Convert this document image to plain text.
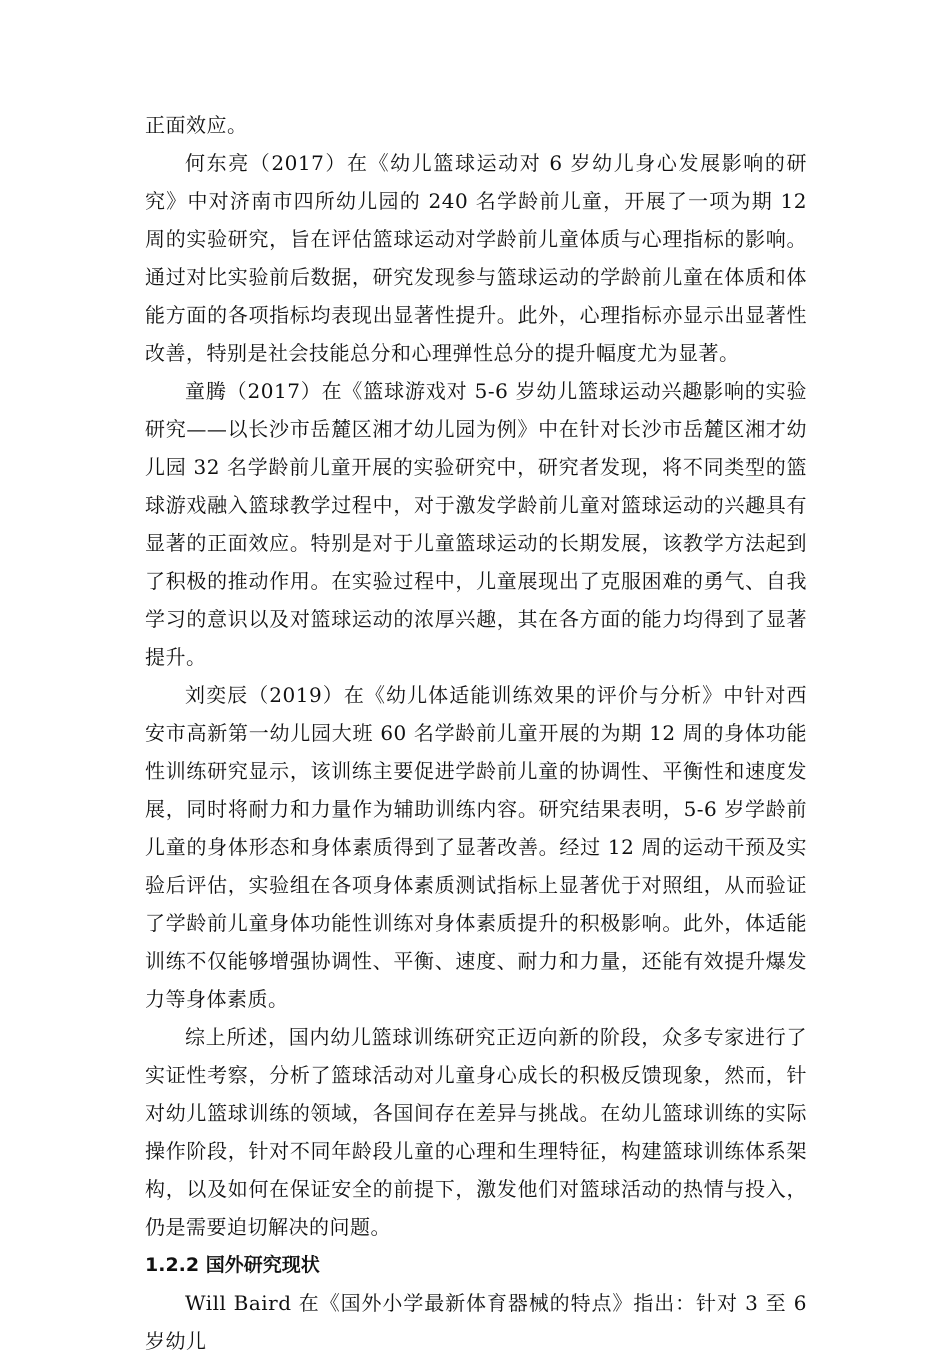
正面效应。

何东亮（2017）在《幼儿篮球运动对 6 岁幼儿身心发展影响的研究》中对济南市四所幼儿园的 240 名学龄前儿童，开展了一项为期 12 周的实验研究，旨在评估篮球运动对学龄前儿童体质与心理指标的影响。通过对比实验前后数据，研究发现参与篮球运动的学龄前儿童在体质和体能方面的各项指标均表现出显著性提升。此外，心理指标亦显示出显著性改善，特别是社会技能总分和心理弹性总分的提升幅度尤为显著。

童腾（2017）在《篮球游戏对 5-6 岁幼儿篮球运动兴趣影响的实验研究——以长沙市岳麓区湘才幼儿园为例》中在针对长沙市岳麓区湘才幼儿园 32 名学龄前儿童开展的实验研究中，研究者发现，将不同类型的篮球游戏融入篮球教学过程中，对于激发学龄前儿童对篮球运动的兴趣具有显著的正面效应。特别是对于儿童篮球运动的长期发展，该教学方法起到了积极的推动作用。在实验过程中，儿童展现出了克服困难的勇气、自我学习的意识以及对篮球运动的浓厚兴趣，其在各方面的能力均得到了显著提升。

刘奕辰（2019）在《幼儿体适能训练效果的评价与分析》中针对西安市高新第一幼儿园大班 60 名学龄前儿童开展的为期 12 周的身体功能性训练研究显示，该训练主要促进学龄前儿童的协调性、平衡性和速度发展，同时将耐力和力量作为辅助训练内容。研究结果表明，5-6 岁学龄前儿童的身体形态和身体素质得到了显著改善。经过 12 周的运动干预及实验后评估，实验组在各项身体素质测试指标上显著优于对照组，从而验证了学龄前儿童身体功能性训练对身体素质提升的积极影响。此外，体适能训练不仅能够增强协调性、平衡、速度、耐力和力量，还能有效提升爆发力等身体素质。

综上所述，国内幼儿篮球训练研究正迈向新的阶段，众多专家进行了实证性考察，分析了篮球活动对儿童身心成长的积极反馈现象，然而，针对幼儿篮球训练的领域，各国间存在差异与挑战。在幼儿篮球训练的实际操作阶段，针对不同年龄段儿童的心理和生理特征，构建篮球训练体系架构，以及如何在保证安全的前提下，激发他们对篮球活动的热情与投入，仍是需要迫切解决的问题。

1.2.2 国外研究现状

Will Baird 在《国外小学最新体育器械的特点》指出：针对 3 至 6 岁幼儿
